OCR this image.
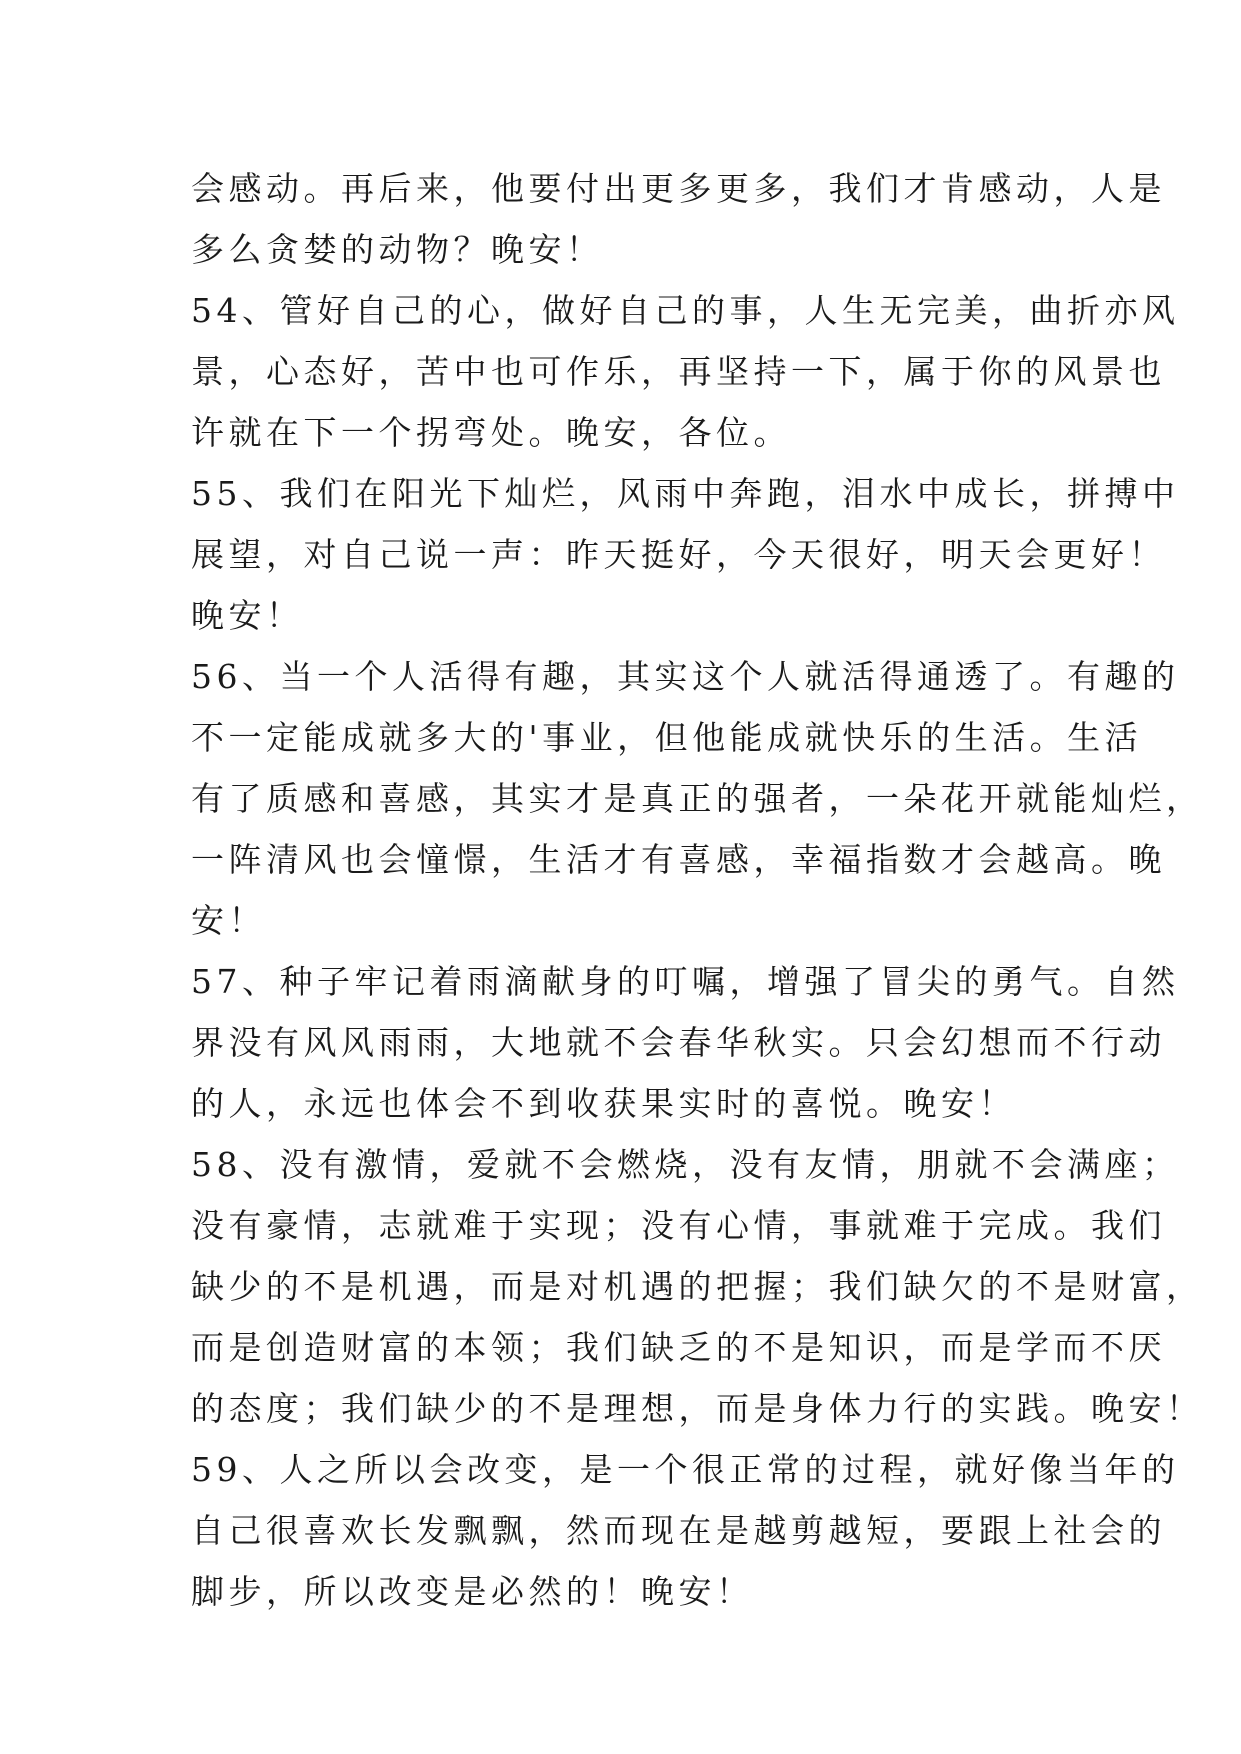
会感动。再后来，他要付出更多更多，我们才肯感动，人是
多么贪婪的动物？晚安！
54、管好自己的心，做好自己的事，人生无完美，曲折亦风
景，心态好，苦中也可作乐，再坚持一下，属于你的风景也
许就在下一个拐弯处。晚安，各位。
55、我们在阳光下灿烂，风雨中奔跑，泪水中成长，拼搏中
展望，对自己说一声：昨天挺好，今天很好，明天会更好！
晚安！
56、当一个人活得有趣，其实这个人就活得通透了。有趣的
不一定能成就多大的'事业，但他能成就快乐的生活。生活
有了质感和喜感，其实才是真正的强者，一朵花开就能灿烂，
一阵清风也会憧憬，生活才有喜感，幸福指数才会越高。晚
安！
57、种子牢记着雨滴献身的叮嘱，增强了冒尖的勇气。自然
界没有风风雨雨，大地就不会春华秋实。只会幻想而不行动
的人，永远也体会不到收获果实时的喜悦。晚安！
58、没有激情，爱就不会燃烧，没有友情，朋就不会满座；
没有豪情，志就难于实现；没有心情，事就难于完成。我们
缺少的不是机遇，而是对机遇的把握；我们缺欠的不是财富，
而是创造财富的本领；我们缺乏的不是知识，而是学而不厌
的态度；我们缺少的不是理想，而是身体力行的实践。晚安！
59、人之所以会改变，是一个很正常的过程，就好像当年的
自己很喜欢长发飘飘，然而现在是越剪越短，要跟上社会的
脚步，所以改变是必然的！晚安！
